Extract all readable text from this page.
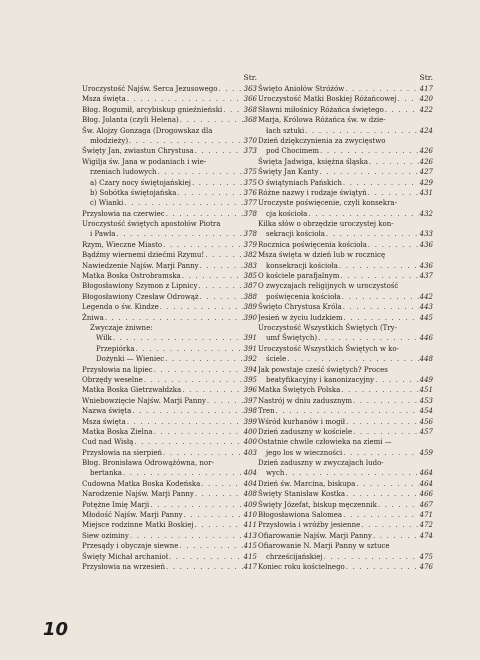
Str.
Uroczystość Najśw. Serca Jezusowego . . .	363
Msza święta . . .	366
Błog. Bogumił, arcybiskup gnieźnieński . . .	368
Błog. Jolanta (czyli Helena) . . .	368
Św. Alojzy Gonzaga (Drogowskaz dla
młodzieży) . . .	370
Święty Jan, zwiastun Chrystusa . . .	373
Wigilja św. Jana w podaniach i wie-
rzeniach ludowych . . .	375
a) Czary nocy świętojańskiej . . .	375
b) Sobótka świętojańska . . .	376
c) Wianki . . .	377
Przysłowia na czerwiec . . .	378
Uroczystość świętych apostołów Piotra
i Pawła . . .	378
Rzym, Wieczne Miasto . . .	379
Bądźmy wiernemi dziećmi Rzymu! . . .	382
Nawiedzenie Najśw. Marji Panny . . .	383
Matka Boska Ostrobramska . . .	385
Błogosławiony Szymon z Lipnicy . . .	387
Błogosławiony Czesław Odrowąż . . .	388
Legenda o św. Kindze . . .	389
Żniwa . . .	390
Zwyczaje żniwne:
Wilk . . .	391
Przepiórka . . .	391
Dożynki — Wieniec . . .	392
Przysłowia na lipiec . . .	394
Obrzędy weselne . . .	395
Matka Boska Gietrzwałdzka . . .	396
Wniebowzięcie Najśw. Marji Panny . . .	397
Nazwa święta . . .	398
Msza święta . . .	399
Matka Boska Zielna . . .	400
Cud nad Wisłą . . .	400
Przysłowia na sierpień . . .	403
Błog. Bronisława Odrowążówna, nor-
bertanka . . .	404
Cudowna Matka Boska Kodeńska . . .	404
Narodzenie Najśw. Marji Panny . . .	408
Potężne Imię Marji . . .	409
Młodość Najśw. Marji Panny . . .	410
Miejsce rodzinne Matki Boskiej . . .	411
Siew oziminy . . .	413
Przesądy i obyczaje siewne . . .	415
Święty Michał archanioł . . .	415
Przysłowia na wrzesień . . .	417
Str.
Święto Aniołów Stróżów . . .	417
Uroczystość Matki Boskiej Różańcowej . . .	420
Sławni miłośnicy Różańca świętego . . .	422
Marja, Królowa Różańca św. w dzie-
łach sztuki . . .	424
Dzień dziękczynienia za zwycięstwo
pod Chocimem . . .	426
Święta Jadwiga, księżna śląska . . .	426
Święty Jan Kanty . . .	427
O świątyniach Pańskich . . .	429
Różne nazwy i rodzaje świątyń . . .	431
Uroczyste poświęcenie, czyli konsekra-
cja kościoła . . .	432
Kilka słów o obrzędzie uroczystej kon-
sekracji kościoła . . .	433
Rocznica poświęcenia kościoła . . .	436
Msza święta w dzień lub w rocznicę
konsekracji kościoła . . .	436
O kościele parafjalnym . . .	437
O zwyczajach religijnych w uroczystość
poświęcenia kościoła . . .	442
Święto Chrystusa Króla . . .	443
Jesień w życiu ludzkiem . . .	445
Uroczystość Wszystkich Świętych (Try-
umf Świętych) . . .	446
Uroczystość Wszystkich Świętych w ko-
ściele . . .	448
Jak powstaje cześć świętych? Proces
beatyfikacyjny i kanonizacyjny . . .	449
Matka Świętych Polska . . .	451
Nastrój w dniu zadusznym . . .	453
Tren . . .	454
Wśród kurhanów i mogił . . .	456
Dzień zaduszny w kościele . . .	457
Ostatnie chwile człowieka na ziemi —
jego los w wieczności . . .	459
Dzień zaduszny w zwyczajach ludo-
wych . . .	464
Dzień św. Marcina, biskupa . . .	464
Święty Stanisław Kostka . . .	466
Święty Józefat, biskup męczennik . . .	467
Błogosławiona Salomea . . .	471
Przysłowia i wróżby jesienne . . .	472
Ofiarowanie Najśw. Marji Panny . . .	474
Ofiarowanie N. Marji Panny w sztuce
chrześcijańskiej . . .	475
Koniec roku kościelnego . . .	476
10
